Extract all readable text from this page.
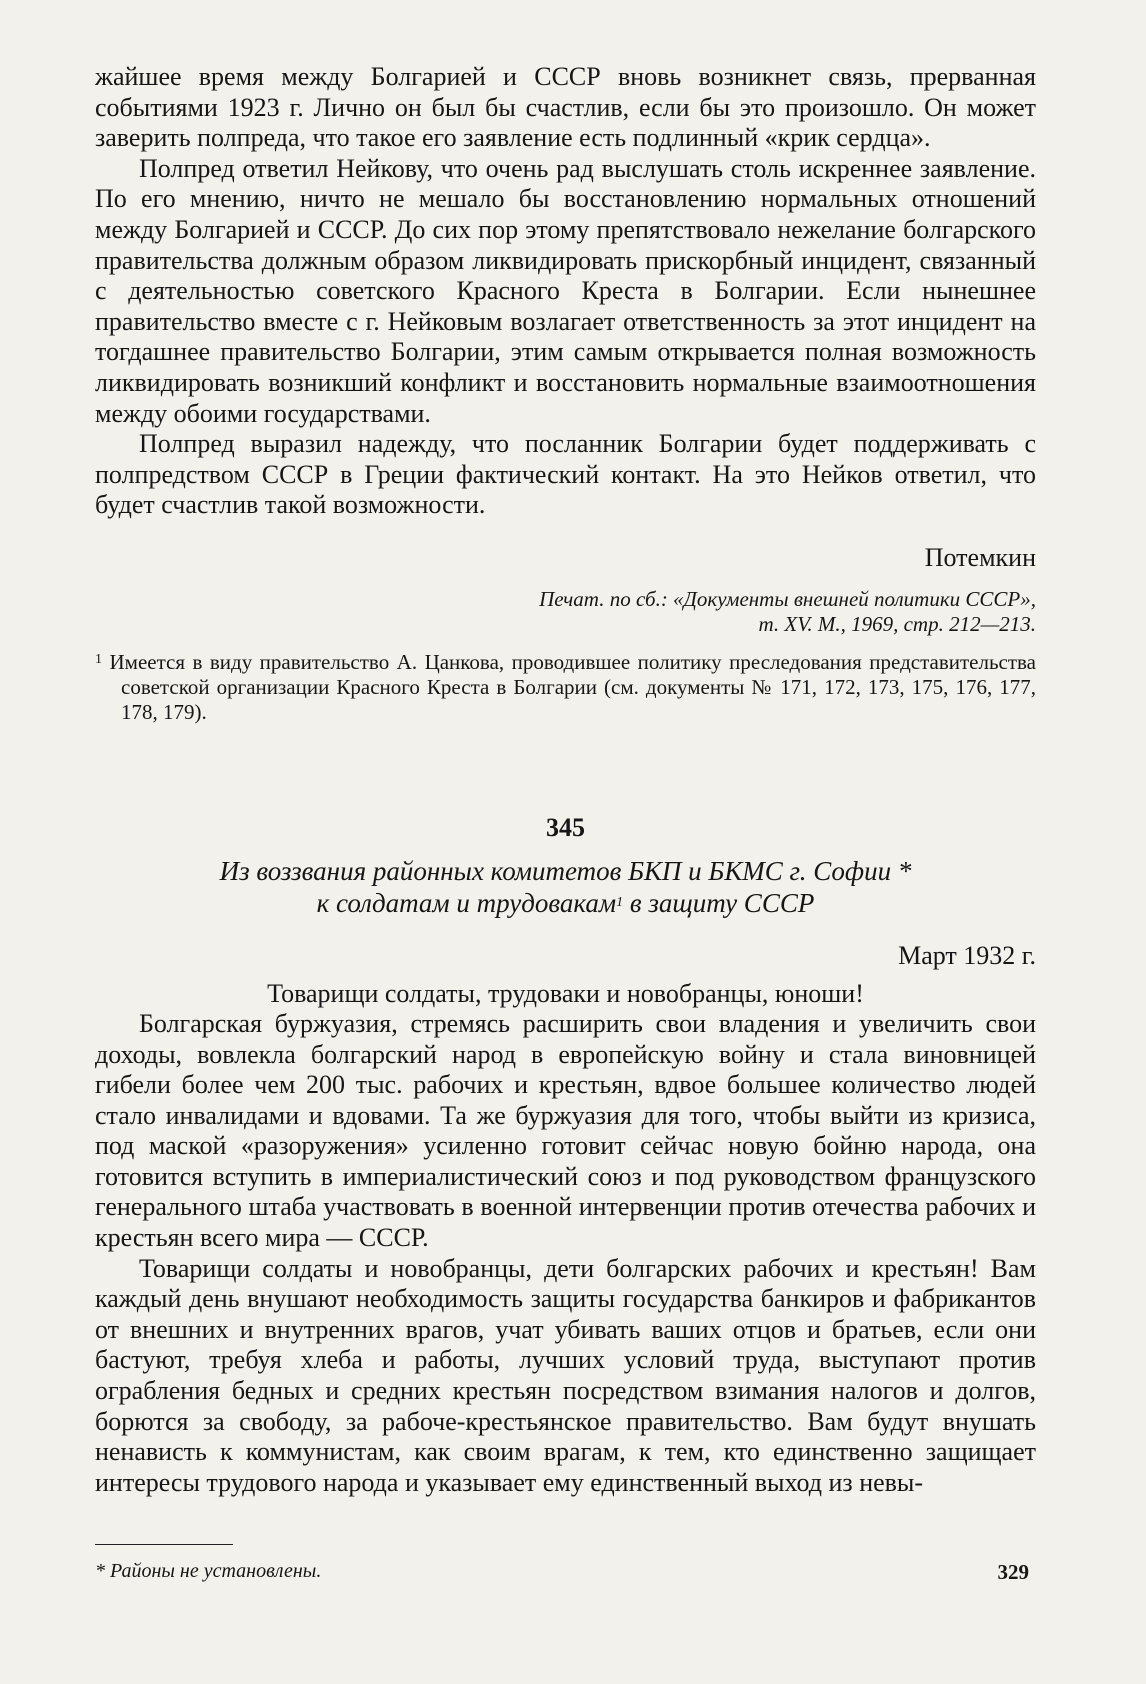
жайшее время между Болгарией и СССР вновь возникнет связь, прерванная событиями 1923 г. Лично он был бы счастлив, если бы это произошло. Он может заверить полпреда, что такое его заявление есть подлинный «крик сердца».

Полпред ответил Нейкову, что очень рад выслушать столь искреннее заявление. По его мнению, ничто не мешало бы восстановлению нормальных отношений между Болгарией и СССР. До сих пор этому препятствовало нежелание болгарского правительства должным образом ликвидировать прискорбный инцидент, связанный с деятельностью советского Красного Креста в Болгарии. Если нынешнее правительство вместе с г. Нейковым возлагает ответственность за этот инцидент на тогдашнее правительство Болгарии, этим самым открывается полная возможность ликвидировать возникший конфликт и восстановить нормальные взаимоотношения между обоими государствами.

Полпред выразил надежду, что посланник Болгарии будет поддерживать с полпредством СССР в Греции фактический контакт. На это Нейков ответил, что будет счастлив такой возможности.

Потемкин
Печат. по сб.: «Документы внешней политики СССР»,
т. XV. М., 1969, стр. 212—213.
$^1$ Имеется в виду правительство А. Цанкова, проводившее политику преследования представительства советской организации Красного Креста в Болгарии (см. документы № 171, 172, 173, 175, 176, 177, 178, 179).
345
Из воззвания районных комитетов БКП и БКМС г. Софии *
к солдатам и трудовакам$^1$ в защиту СССР
Март 1932 г.
Товарищи солдаты, трудоваки и новобранцы, юноши!

Болгарская буржуазия, стремясь расширить свои владения и увеличить свои доходы, вовлекла болгарский народ в европейскую войну и стала виновницей гибели более чем 200 тыс. рабочих и крестьян, вдвое большее количество людей стало инвалидами и вдовами. Та же буржуазия для того, чтобы выйти из кризиса, под маской «разоружения» усиленно готовит сейчас новую бойню народа, она готовится вступить в империалистический союз и под руководством французского генерального штаба участвовать в военной интервенции против отечества рабочих и крестьян всего мира — СССР.

Товарищи солдаты и новобранцы, дети болгарских рабочих и крестьян! Вам каждый день внушают необходимость защиты государства банкиров и фабрикантов от внешних и внутренних врагов, учат убивать ваших отцов и братьев, если они бастуют, требуя хлеба и работы, лучших условий труда, выступают против ограбления бедных и средних крестьян посредством взимания налогов и долгов, борются за свободу, за рабоче-крестьянское правительство. Вам будут внушать ненависть к коммунистам, как своим врагам, к тем, кто единственно защищает интересы трудового народа и указывает ему единственный выход из невы-

* Районы не установлены.	329
